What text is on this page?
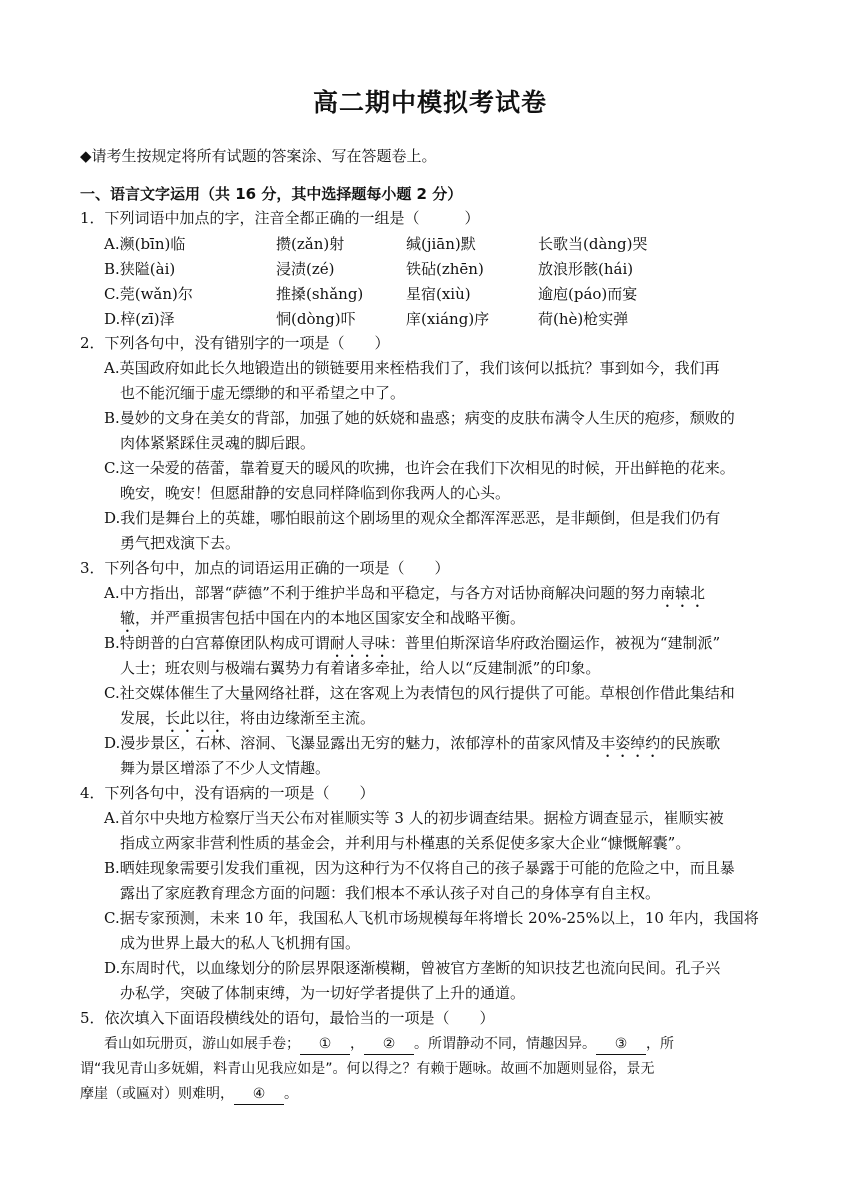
高二期中模拟考试卷
◆请考生按规定将所有试题的答案涂、写在答题卷上。
一、语言文字运用（共 16 分，其中选择题每小题 2 分）
1．下列词语中加点的字，注音全都正确的一组是（　　　）
A.濒(bīn)临	攒(zǎn)射	缄(jiān)默	长歌当(dàng)哭
B.狭隘(ài)	浸渍(zé)	铁砧(zhēn)	放浪形骸(hái)
C.莞(wǎn)尔	推搡(shǎng)	星宿(xiù)	逾庖(páo)而宴
D.梓(zī)泽	恫(dòng)吓	庠(xiáng)序	荷(hè)枪实弹
2．下列各句中，没有错别字的一项是（　　）
A.英国政府如此长久地锻造出的锁链要用来桎梏我们了，我们该何以抵抗？事到如今，我们再
也不能沉缅于虚无缥缈的和平希望之中了。
B.曼妙的文身在美女的背部，加强了她的妖娆和蛊惑；病变的皮肤布满令人生厌的疱疹，颓败的
肉体紧紧踩住灵魂的脚后跟。
C.这一朵爱的蓓蕾，靠着夏天的暖风的吹拂，也许会在我们下次相见的时候，开出鲜艳的花来。
晚安，晚安！但愿甜静的安息同样降临到你我两人的心头。
D.我们是舞台上的英雄，哪怕眼前这个剧场里的观众全都浑浑恶恶，是非颠倒，但是我们仍有
勇气把戏演下去。
3．下列各句中，加点的词语运用正确的一项是（　　）
A.中方指出，部署“萨德”不利于维护半岛和平稳定，与各方对话协商解决问题的努力南辕北
辙，并严重损害包括中国在内的本地区国家安全和战略平衡。
B.特朗普的白宫幕僚团队构成可谓耐人寻味：普里伯斯深谙华府政治圈运作，被视为“建制派”
人士；班农则与极端右翼势力有着诸多牵扯，给人以“反建制派”的印象。
C.社交媒体催生了大量网络社群，这在客观上为表情包的风行提供了可能。草根创作借此集结和
发展，长此以往，将由边缘渐至主流。
D.漫步景区，石林、溶洞、飞瀑显露出无穷的魅力，浓郁淳朴的苗家风情及丰姿绰约的民族歌
舞为景区增添了不少人文情趣。
4．下列各句中，没有语病的一项是（　　）
A.首尔中央地方检察厅当天公布对崔顺实等 3 人的初步调查结果。据检方调查显示，崔顺实被
指成立两家非营利性质的基金会，并利用与朴槿惠的关系促使多家大企业“慷慨解囊”。
B.晒娃现象需要引发我们重视，因为这种行为不仅将自己的孩子暴露于可能的危险之中，而且暴
露出了家庭教育理念方面的问题：我们根本不承认孩子对自己的身体享有自主权。
C.据专家预测，未来 10 年，我国私人飞机市场规模每年将增长 20%-25%以上，10 年内，我国将
成为世界上最大的私人飞机拥有国。
D.东周时代，以血缘划分的阶层界限逐渐模糊，曾被官方垄断的知识技艺也流向民间。孔子兴
办私学，突破了体制束缚，为一切好学者提供了上升的通道。
5．依次填入下面语段横线处的语句，最恰当的一项是（　　）
看山如玩册页，游山如展手卷； ① ， ② 。所谓静动不同，情趣因异。 ③ ，所
谓“我见青山多妩媚，料青山见我应如是”。何以得之？有赖于题咏。故画不加题则显俗，景无
摩崖（或匾对）则难明， ④ 。
